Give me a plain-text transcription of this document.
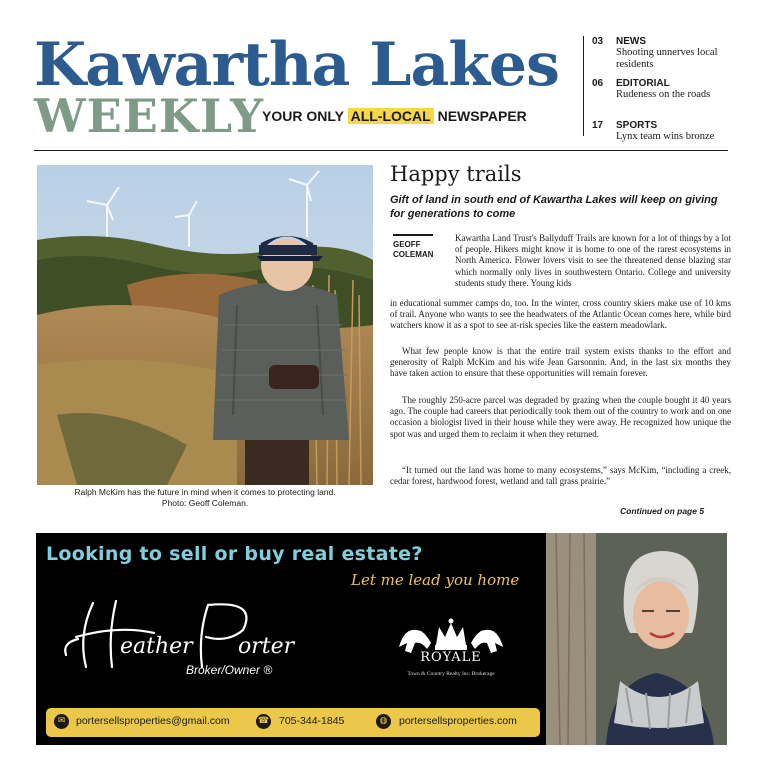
Kawartha Lakes
WEEKLY
YOUR ONLY ALL-LOCAL NEWSPAPER
03 NEWS
Shooting unnerves local residents
06 EDITORIAL
Rudeness on the roads
17 SPORTS
Lynx team wins bronze
Ralph McKim has the future in mind when it comes to protecting land.
Photo: Geoff Coleman.
Happy trails
Gift of land in south end of Kawartha Lakes will keep on giving for generations to come
GEOFF
COLEMAN
Kawartha Land Trust's Ballyduff Trails are known for a lot of things by a lot of people. Hikers might know it is home to one of the rarest ecosystems in North America. Flower lovers visit to see the threatened dense blazing star which normally only lives in southwestern Ontario. College and university students study there. Young kids
in educational summer camps do, too. In the winter, cross country skiers make use of 10 kms of trail. Anyone who wants to see the headwaters of the Atlantic Ocean comes here, while bird watchers know it as a spot to see at-risk species like the eastern meadowlark.
What few people know is that the entire trail system exists thanks to the effort and generosity of Ralph McKim and his wife Jean Garsonnin. And, in the last six months they have taken action to ensure that these opportunities will remain forever.
The roughly 250-acre parcel was degraded by grazing when the couple bought it 40 years ago. The couple had careers that periodically took them out of the country to work and on one occasion a biologist lived in their house while they were away. He recognized how unique the spot was and urged them to reclaim it when they returned.
“It turned out the land was home to many ecosystems,” says McKim, “including a creek, cedar forest, hardwood forest, wetland and tall grass prairie.”
Continued on page 5
Looking to sell or buy real estate?
Let me lead you home
eather orter
Broker/Owner ®
ROYALE
Town & Country Realty Inc. Brokerage
✉	portersellsproperties@gmail.com	☎ 705-344-1845	◍	portersellsproperties.com
